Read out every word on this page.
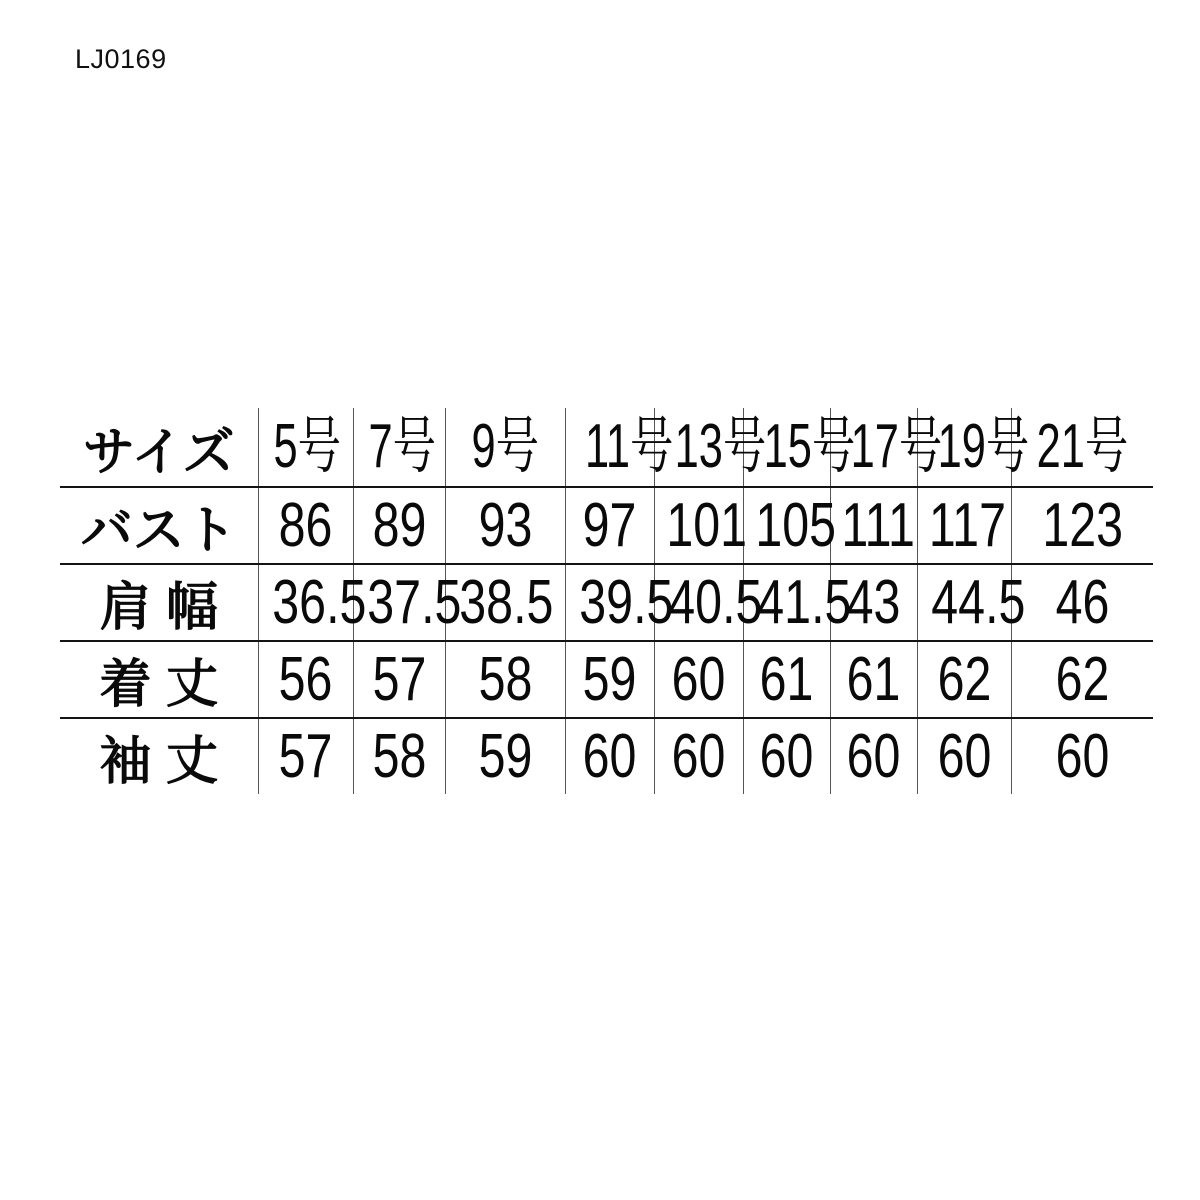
LJ0169
サイズ	5号	7号	9号	11号	13号	15号	17号	19号	21号
バスト	86	89	93	97	101	105	111	117	123
肩 幅	36.5	37.5	38.5	39.5	40.5	41.5	43	44.5	46
着 丈	56	57	58	59	60	61	61	62	62
袖 丈	57	58	59	60	60	60	60	60	60
